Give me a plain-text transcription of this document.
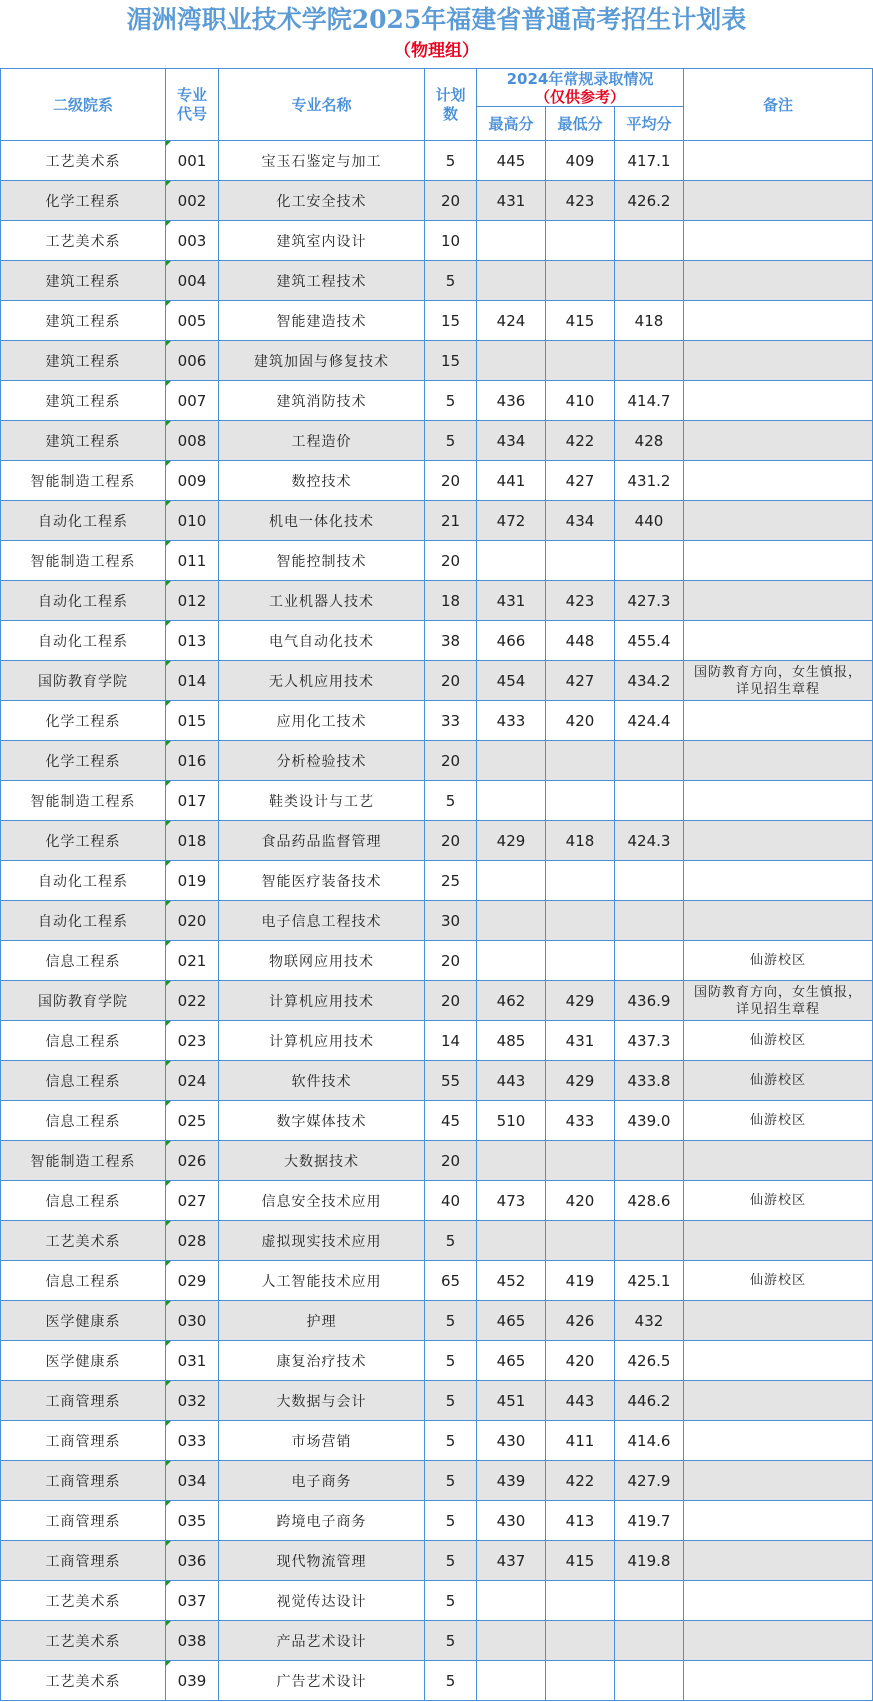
湄洲湾职业技术学院2025年福建省普通高考招生计划表
（物理组）
二级院系	专业代号	专业名称	计划数	2024年常规录取情况
（仅供参考）			备注
				最高分	最低分	平均分	
工艺美术系	001	宝玉石鉴定与加工	5	445	409	417.1	
化学工程系	002	化工安全技术	20	431	423	426.2	
工艺美术系	003	建筑室内设计	10				
建筑工程系	004	建筑工程技术	5				
建筑工程系	005	智能建造技术	15	424	415	418	
建筑工程系	006	建筑加固与修复技术	15				
建筑工程系	007	建筑消防技术	5	436	410	414.7	
建筑工程系	008	工程造价	5	434	422	428	
智能制造工程系	009	数控技术	20	441	427	431.2	
自动化工程系	010	机电一体化技术	21	472	434	440	
智能制造工程系	011	智能控制技术	20				
自动化工程系	012	工业机器人技术	18	431	423	427.3	
自动化工程系	013	电气自动化技术	38	466	448	455.4	
国防教育学院	014	无人机应用技术	20	454	427	434.2	国防教育方向，女生慎报，详见招生章程
化学工程系	015	应用化工技术	33	433	420	424.4	
化学工程系	016	分析检验技术	20				
智能制造工程系	017	鞋类设计与工艺	5				
化学工程系	018	食品药品监督管理	20	429	418	424.3	
自动化工程系	019	智能医疗装备技术	25				
自动化工程系	020	电子信息工程技术	30				
信息工程系	021	物联网应用技术	20				仙游校区
国防教育学院	022	计算机应用技术	20	462	429	436.9	国防教育方向，女生慎报，详见招生章程
信息工程系	023	计算机应用技术	14	485	431	437.3	仙游校区
信息工程系	024	软件技术	55	443	429	433.8	仙游校区
信息工程系	025	数字媒体技术	45	510	433	439.0	仙游校区
智能制造工程系	026	大数据技术	20				
信息工程系	027	信息安全技术应用	40	473	420	428.6	仙游校区
工艺美术系	028	虚拟现实技术应用	5				
信息工程系	029	人工智能技术应用	65	452	419	425.1	仙游校区
医学健康系	030	护理	5	465	426	432	
医学健康系	031	康复治疗技术	5	465	420	426.5	
工商管理系	032	大数据与会计	5	451	443	446.2	
工商管理系	033	市场营销	5	430	411	414.6	
工商管理系	034	电子商务	5	439	422	427.9	
工商管理系	035	跨境电子商务	5	430	413	419.7	
工商管理系	036	现代物流管理	5	437	415	419.8	
工艺美术系	037	视觉传达设计	5				
工艺美术系	038	产品艺术设计	5				
工艺美术系	039	广告艺术设计	5				
